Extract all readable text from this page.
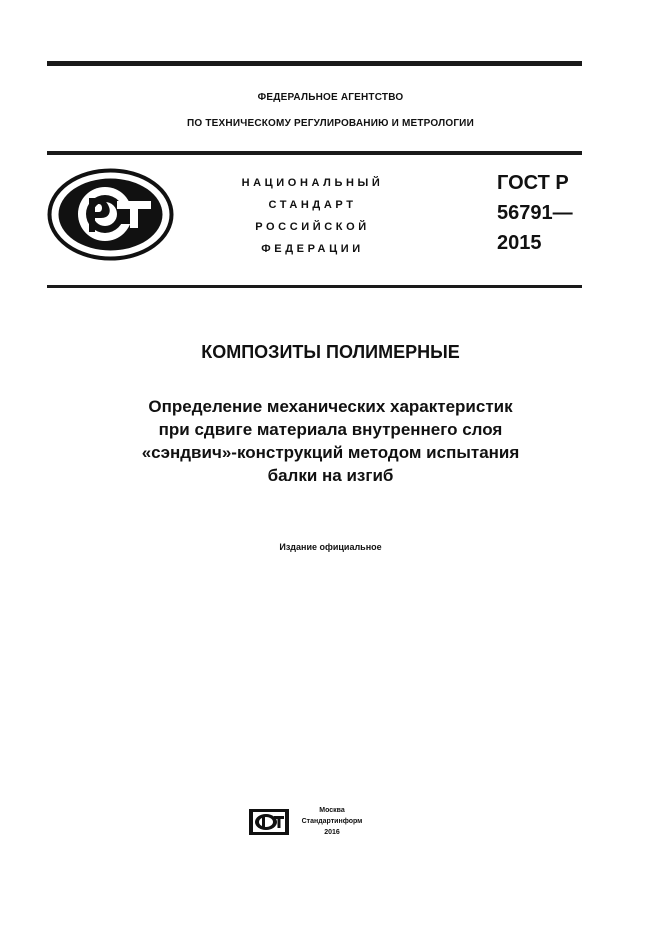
ФЕДЕРАЛЬНОЕ АГЕНТСТВО
ПО ТЕХНИЧЕСКОМУ РЕГУЛИРОВАНИЮ И МЕТРОЛОГИИ
НАЦИОНАЛЬНЫЙ
СТАНДАРТ
РОССИЙСКОЙ
ФЕДЕРАЦИИ
ГОСТ Р
56791—
2015
КОМПОЗИТЫ ПОЛИМЕРНЫЕ
Определение механических характеристик
при сдвиге материала внутреннего слоя
«сэндвич»-конструкций методом испытания
балки на изгиб
Издание официальное
Москва
Стандартинформ
2016
